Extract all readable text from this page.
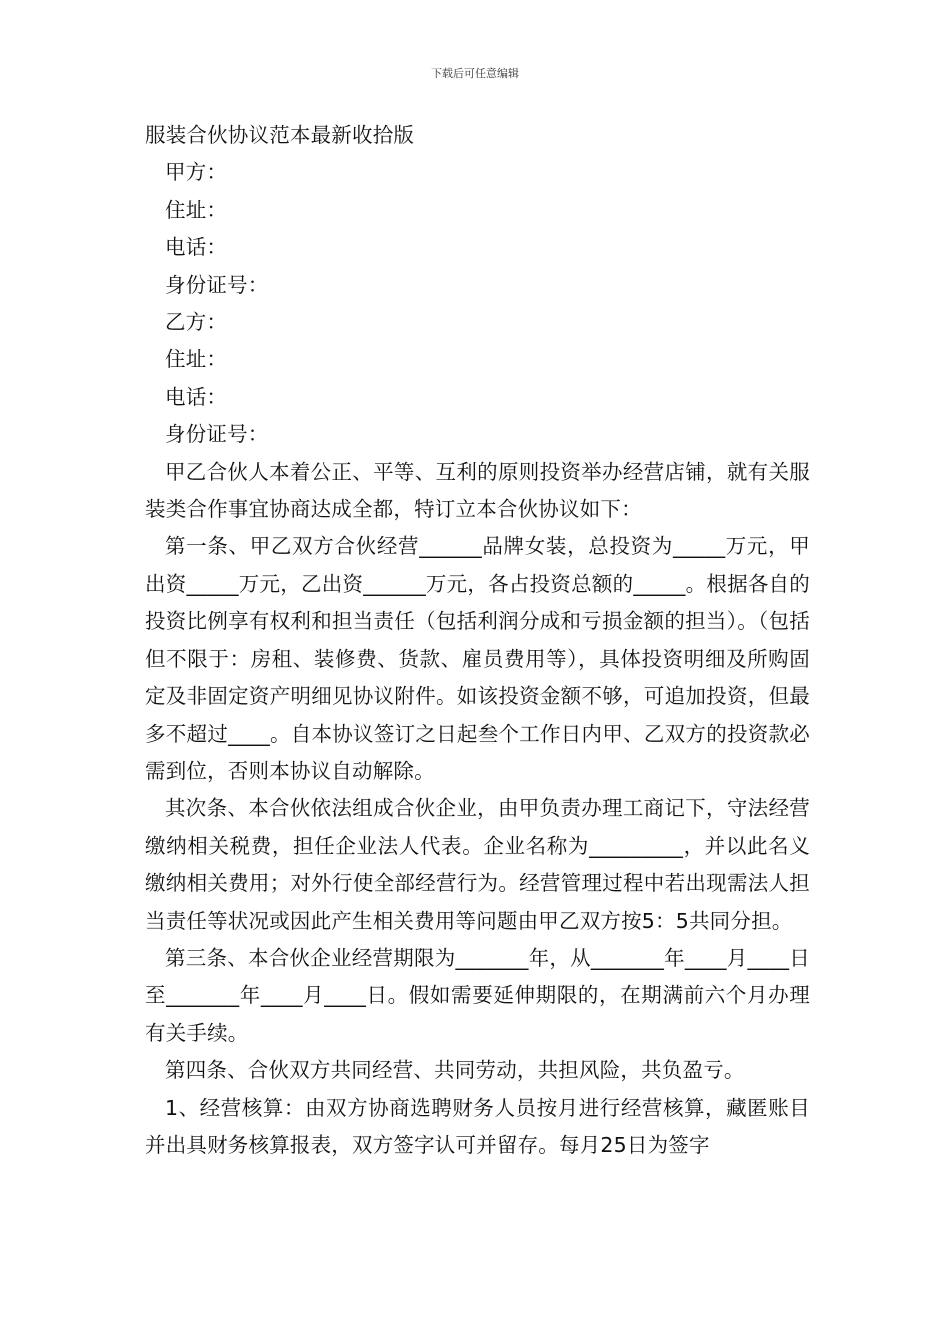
下载后可任意编辑

服装合伙协议范本最新收拾版

甲方：

住址：

电话：

身份证号：

乙方：

住址：

电话：

身份证号：

甲乙合伙人本着公正、平等、互利的原则投资举办经营店铺，就有关服装类合作事宜协商达成全都，特订立本合伙协议如下：

第一条、甲乙双方合伙经营______品牌女装，总投资为_____万元，甲出资_____万元，乙出资______万元，各占投资总额的_____。根据各自的投资比例享有权利和担当责任（包括利润分成和亏损金额的担当）。（包括但不限于：房租、装修费、货款、雇员费用等），具体投资明细及所购固定及非固定资产明细见协议附件。如该投资金额不够，可追加投资，但最多不超过____。自本协议签订之日起叁个工作日内甲、乙双方的投资款必需到位，否则本协议自动解除。

其次条、本合伙依法组成合伙企业，由甲负责办理工商记下，守法经营缴纳相关税费，担任企业法人代表。企业名称为_________，并以此名义缴纳相关费用；对外行使全部经营行为。经营管理过程中若出现需法人担当责任等状况或因此产生相关费用等问题由甲乙双方按5：5共同分担。

第三条、本合伙企业经营期限为_______年，从_______年____月____日至_______年____月____日。假如需要延伸期限的，在期满前六个月办理有关手续。

第四条、合伙双方共同经营、共同劳动，共担风险，共负盈亏。

1、经营核算：由双方协商选聘财务人员按月进行经营核算，藏匿账目并出具财务核算报表，双方签字认可并留存。每月25日为签字
